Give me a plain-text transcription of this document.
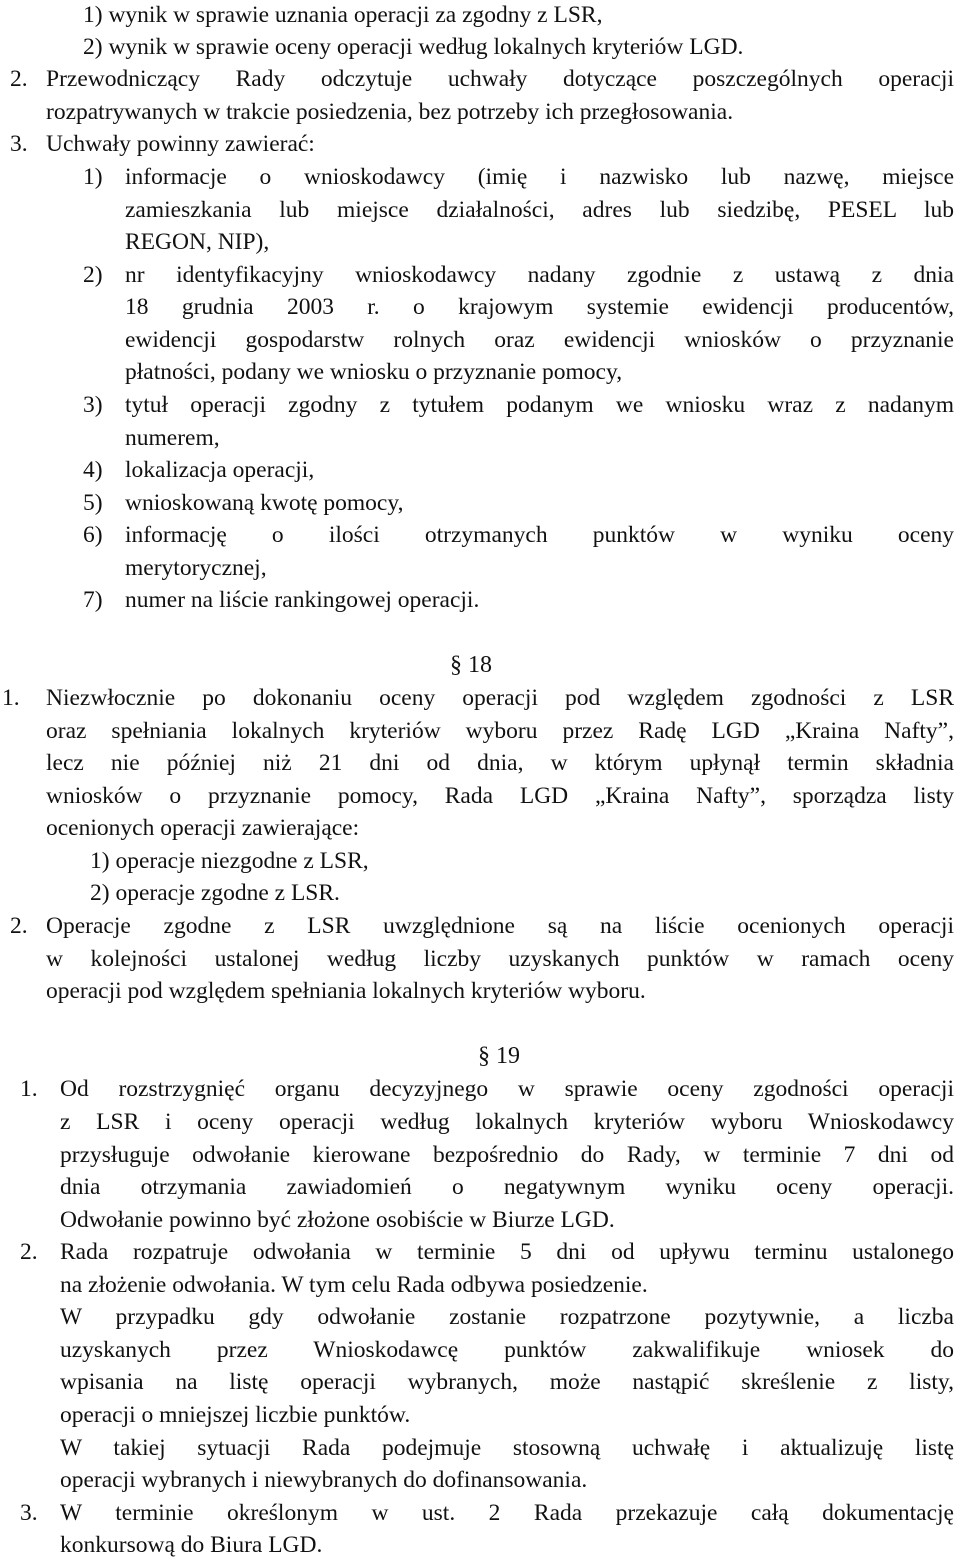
1) wynik w sprawie uznania operacji za zgodny z LSR,
2) wynik w sprawie oceny operacji według lokalnych kryteriów LGD.
2. Przewodniczący Rady odczytuje uchwały dotyczące poszczególnych operacji
rozpatrywanych w trakcie posiedzenia, bez potrzeby ich przegłosowania.
3. Uchwały powinny zawierać:
1) informacje o wnioskodawcy (imię i nazwisko lub nazwę, miejsce
zamieszkania lub miejsce działalności, adres lub siedzibę, PESEL lub
REGON, NIP),
2) nr identyfikacyjny wnioskodawcy nadany zgodnie z ustawą z dnia
18 grudnia 2003 r. o krajowym systemie ewidencji producentów,
ewidencji gospodarstw rolnych oraz ewidencji wniosków o przyznanie
płatności, podany we wniosku o przyznanie pomocy,
3) tytuł operacji zgodny z tytułem podanym we wniosku wraz z nadanym
numerem,
4) lokalizacja operacji,
5) wnioskowaną kwotę pomocy,
6) informację o ilości otrzymanych punktów w wyniku oceny
merytorycznej,
7) numer na liście rankingowej operacji.
§ 18
1. Niezwłocznie po dokonaniu oceny operacji pod względem zgodności z LSR
oraz spełniania lokalnych kryteriów wyboru przez Radę LGD „Kraina Nafty”,
lecz nie później niż 21 dni od dnia, w którym upłynął termin składnia
wniosków o przyznanie pomocy, Rada LGD „Kraina Nafty”, sporządza listy
ocenionych operacji zawierające:
1) operacje niezgodne z LSR,
2) operacje zgodne z LSR.
2. Operacje zgodne z LSR uwzględnione są na liście ocenionych operacji
w kolejności ustalonej według liczby uzyskanych punktów w ramach oceny
operacji pod względem spełniania lokalnych kryteriów wyboru.
§ 19
1. Od rozstrzygnięć organu decyzyjnego w sprawie oceny zgodności operacji
z LSR i oceny operacji według lokalnych kryteriów wyboru Wnioskodawcy
przysługuje odwołanie kierowane bezpośrednio do Rady, w terminie 7 dni od
dnia otrzymania zawiadomień o negatywnym wyniku oceny operacji.
Odwołanie powinno być złożone osobiście w Biurze LGD.
2. Rada rozpatruje odwołania w terminie 5 dni od upływu terminu ustalonego
na złożenie odwołania. W tym celu Rada odbywa posiedzenie.
W przypadku gdy odwołanie zostanie rozpatrzone pozytywnie, a liczba
uzyskanych przez Wnioskodawcę punktów zakwalifikuje wniosek do
wpisania na listę operacji wybranych, może nastąpić skreślenie z listy,
operacji o mniejszej liczbie punktów.
W takiej sytuacji Rada podejmuje stosowną uchwałę i aktualizuję listę
operacji wybranych i niewybranych do dofinansowania.
3. W terminie określonym w ust. 2 Rada przekazuje całą dokumentację
konkursową do Biura LGD.
